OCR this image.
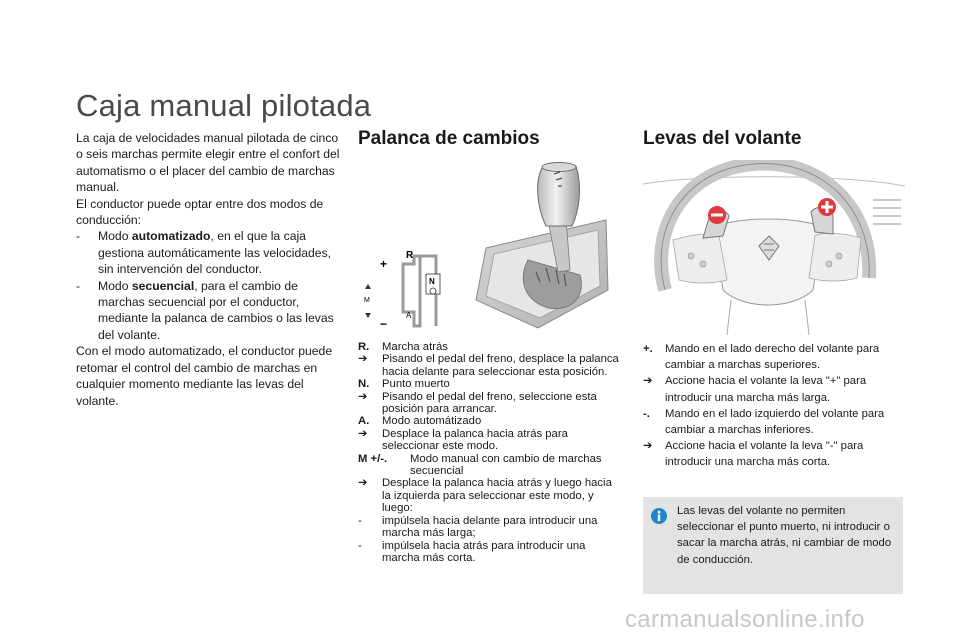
Caja manual pilotada

La caja de velocidades manual pilotada de cinco o seis marchas permite elegir entre el confort del automatismo o el placer del cambio de marchas manual.

El conductor puede optar entre dos modos de conducción:

- Modo automatizado, en el que la caja gestiona automáticamente las velocidades, sin intervención del conductor.
- Modo secuencial, para el cambio de marchas secuencial por el conductor, mediante la palanca de cambios o las levas del volante.

Con el modo automatizado, el conductor puede retomar el control del cambio de marchas en cualquier momento mediante las levas del volante.

Palanca de cambios	Levas del volante
R
N
A
M
+
−
R. Marcha atrás
➔ Pisando el pedal del freno, desplace la palanca hacia delante para seleccionar esta posición.
N. Punto muerto
➔ Pisando el pedal del freno, seleccione esta posición para arrancar.
A. Modo automátizado
➔ Desplace la palanca hacia atrás para seleccionar este modo.
M +/-. Modo manual con cambio de marchas secuencial
➔ Desplace la palanca hacia atrás y luego hacia la izquierda para seleccionar este modo, y luego:
- impúlsela hacia delante para introducir una marcha más larga;
- impúlsela hacia atrás para introducir una marcha más corta.
+. Mando en el lado derecho del volante para cambiar a marchas superiores.
➔ Accione hacia el volante la leva "+" para introducir una marcha más larga.
-. Mando en el lado izquierdo del volante para cambiar a marchas inferiores.
➔ Accione hacia el volante la leva "-" para introducir una marcha más corta.
Las levas del volante no permiten seleccionar el punto muerto, ni introducir o sacar la marcha atrás, ni cambiar de modo de conducción.
carmanualsonline.info
